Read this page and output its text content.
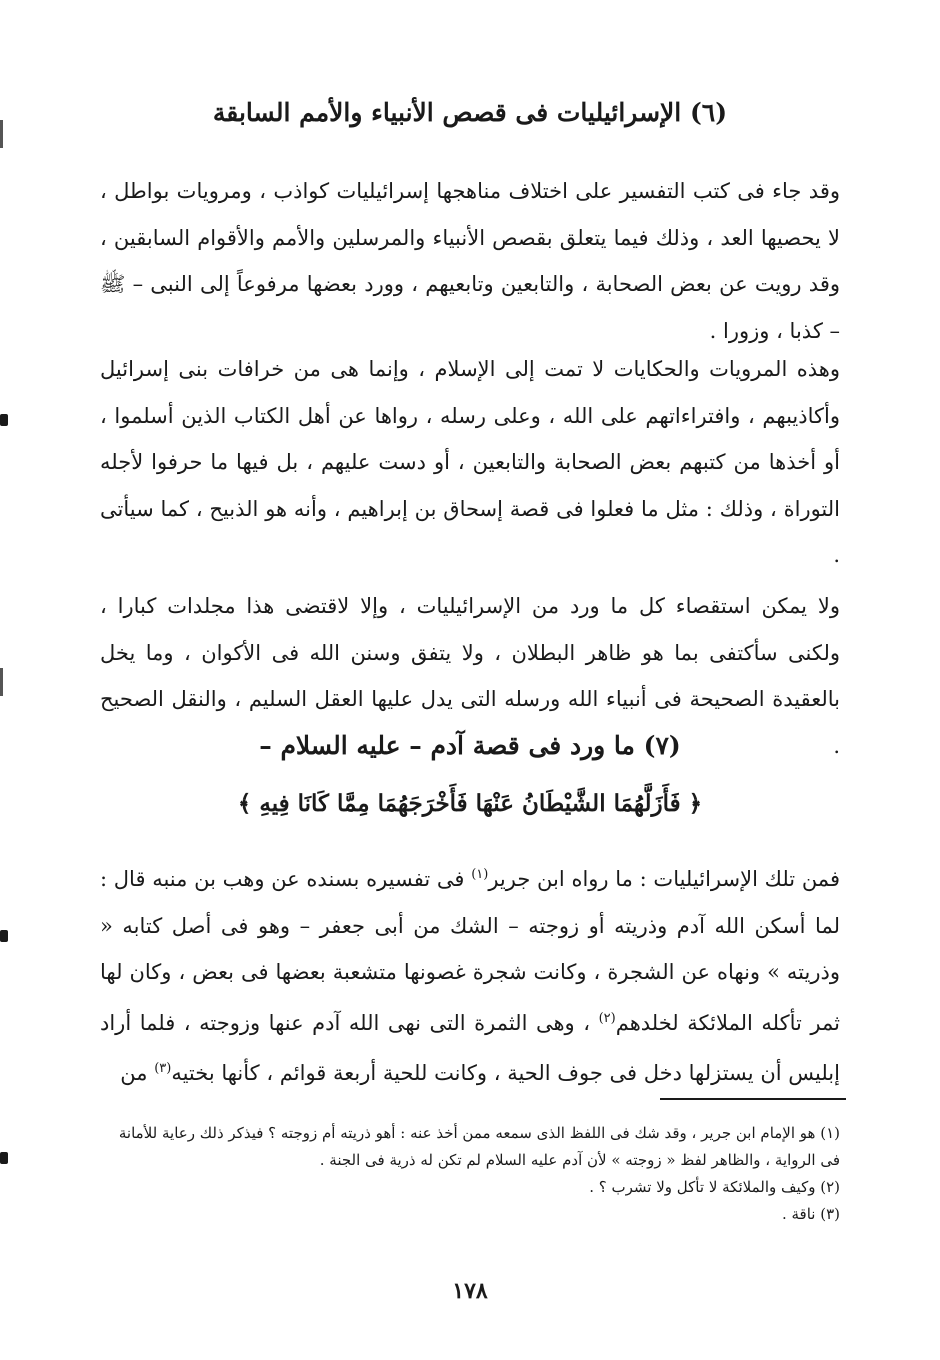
(٦) الإسرائيليات فى قصص الأنبياء والأمم السابقة

وقد جاء فى كتب التفسير على اختلاف مناهجها إسرائيليات كواذب ، ومرويات بواطل ، لا يحصيها العد ، وذلك فيما يتعلق بقصص الأنبياء والمرسلين والأمم والأقوام السابقين ، وقد رويت عن بعض الصحابة ، والتابعين وتابعيهم ، وورد بعضها مرفوعاً إلى النبى – ﷺ – كذبا ، وزورا .

وهذه المرويات والحكايات لا تمت إلى الإسلام ، وإنما هى من خرافات بنى إسرائيل وأكاذيبهم ، وافتراءاتهم على الله ، وعلى رسله ، رواها عن أهل الكتاب الذين أسلموا ، أو أخذها من كتبهم بعض الصحابة والتابعين ، أو دست عليهم ، بل فيها ما حرفوا لأجله التوراة ، وذلك : مثل ما فعلوا فى قصة إسحاق بن إبراهيم ، وأنه هو الذبيح ، كما سيأتى .

ولا يمكن استقصاء كل ما ورد من الإسرائيليات ، وإلا لاقتضى هذا مجلدات كبارا ، ولكنى سأكتفى بما هو ظاهر البطلان ، ولا يتفق وسنن الله فى الأكوان ، وما يخل بالعقيدة الصحيحة فى أنبياء الله ورسله التى يدل عليها العقل السليم ، والنقل الصحيح .

(٧) ما ورد فى قصة آدم – عليه السلام –
﴿ فَأَزَلَّهُمَا الشَّيْطَانُ عَنْهَا فَأَخْرَجَهُمَا مِمَّا كَانَا فِيهِ ﴾

فمن تلك الإسرائيليات : ما رواه ابن جرير$^{(١)}$ فى تفسيره بسنده عن وهب بن منبه قال : لما أسكن الله آدم وذريته أو زوجته – الشك من أبى جعفر – وهو فى أصل كتابه « وذريته » ونهاه عن الشجرة ، وكانت شجرة غصونها متشعبة بعضها فى بعض ، وكان لها ثمر تأكله الملائكة لخلدهم$^{(٢)}$ ، وهى الثمرة التى نهى الله آدم عنها وزوجته ، فلما أراد إبليس أن يستزلها دخل فى جوف الحية ، وكانت للحية أربعة قوائم ، كأنها بختيه$^{(٣)}$ من

(١) هو الإمام ابن جرير ، وقد شك فى اللفظ الذى سمعه ممن أخذ عنه : أهو ذريته أم زوجته ؟ فيذكر ذلك رعاية للأمانة فى الرواية ، والظاهر لفظ « زوجته » لأن آدم عليه السلام لم تكن له ذرية فى الجنة .

(٢) وكيف والملائكة لا تأكل ولا تشرب ؟ .

(٣) ناقة .

١٧٨
